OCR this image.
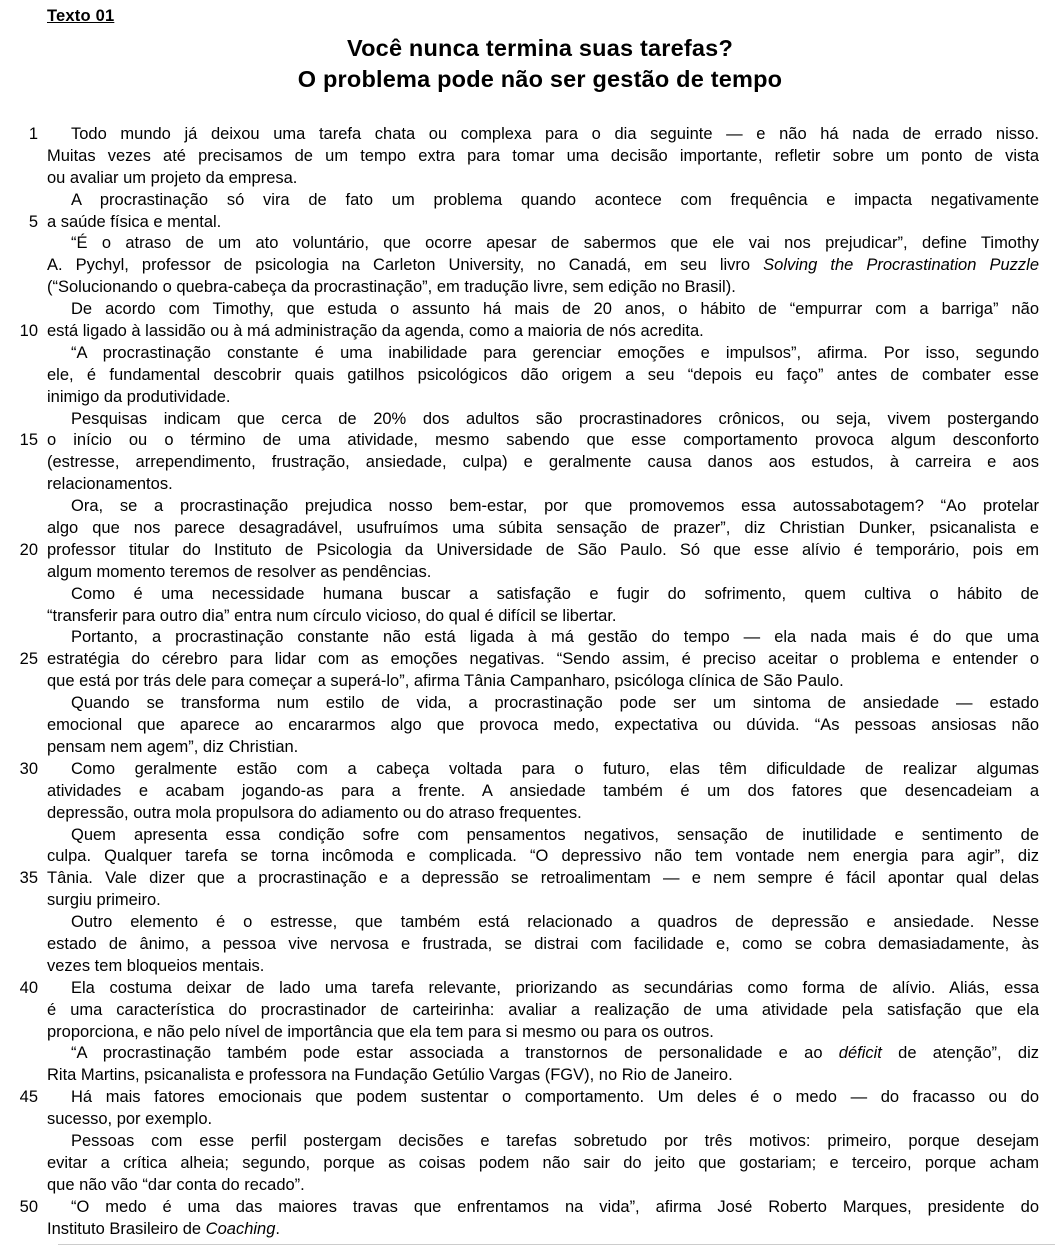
Texto 01
Você nunca termina suas tarefas?
O problema pode não ser gestão de tempo
1	Todo mundo já deixou uma tarefa chata ou complexa para o dia seguinte — e não há nada de errado nisso.
Muitas vezes até precisamos de um tempo extra para tomar uma decisão importante, refletir sobre um ponto de vista
ou avaliar um projeto da empresa.
A procrastinação só vira de fato um problema quando acontece com frequência e impacta negativamente
5 a saúde física e mental.
“É o atraso de um ato voluntário, que ocorre apesar de sabermos que ele vai nos prejudicar”, define Timothy
A. Pychyl, professor de psicologia na Carleton University, no Canadá, em seu livro Solving the Procrastination Puzzle
(“Solucionando o quebra-cabeça da procrastinação”, em tradução livre, sem edição no Brasil).
De acordo com Timothy, que estuda o assunto há mais de 20 anos, o hábito de “empurrar com a barriga” não
10 está ligado à lassidão ou à má administração da agenda, como a maioria de nós acredita.
“A procrastinação constante é uma inabilidade para gerenciar emoções e impulsos”, afirma. Por isso, segundo
ele, é fundamental descobrir quais gatilhos psicológicos dão origem a seu “depois eu faço” antes de combater esse
inimigo da produtividade.
Pesquisas indicam que cerca de 20% dos adultos são procrastinadores crônicos, ou seja, vivem postergando
15 o início ou o término de uma atividade, mesmo sabendo que esse comportamento provoca algum desconforto
(estresse, arrependimento, frustração, ansiedade, culpa) e geralmente causa danos aos estudos, à carreira e aos
relacionamentos.
Ora, se a procrastinação prejudica nosso bem-estar, por que promovemos essa autossabotagem? “Ao protelar
algo que nos parece desagradável, usufruímos uma súbita sensação de prazer”, diz Christian Dunker, psicanalista e
20 professor titular do Instituto de Psicologia da Universidade de São Paulo. Só que esse alívio é temporário, pois em
algum momento teremos de resolver as pendências.
Como é uma necessidade humana buscar a satisfação e fugir do sofrimento, quem cultiva o hábito de
“transferir para outro dia” entra num círculo vicioso, do qual é difícil se libertar.
Portanto, a procrastinação constante não está ligada à má gestão do tempo — ela nada mais é do que uma
25 estratégia do cérebro para lidar com as emoções negativas. “Sendo assim, é preciso aceitar o problema e entender o
que está por trás dele para começar a superá-lo”, afirma Tânia Campanharo, psicóloga clínica de São Paulo.
Quando se transforma num estilo de vida, a procrastinação pode ser um sintoma de ansiedade — estado
emocional que aparece ao encararmos algo que provoca medo, expectativa ou dúvida. “As pessoas ansiosas não
pensam nem agem”, diz Christian.
30	Como geralmente estão com a cabeça voltada para o futuro, elas têm dificuldade de realizar algumas
atividades e acabam jogando-as para a frente. A ansiedade também é um dos fatores que desencadeiam a
depressão, outra mola propulsora do adiamento ou do atraso frequentes.
Quem apresenta essa condição sofre com pensamentos negativos, sensação de inutilidade e sentimento de
culpa. Qualquer tarefa se torna incômoda e complicada. “O depressivo não tem vontade nem energia para agir”, diz
35 Tânia. Vale dizer que a procrastinação e a depressão se retroalimentam — e nem sempre é fácil apontar qual delas
surgiu primeiro.
Outro elemento é o estresse, que também está relacionado a quadros de depressão e ansiedade. Nesse
estado de ânimo, a pessoa vive nervosa e frustrada, se distrai com facilidade e, como se cobra demasiadamente, às
vezes tem bloqueios mentais.
40	Ela costuma deixar de lado uma tarefa relevante, priorizando as secundárias como forma de alívio. Aliás, essa
é uma característica do procrastinador de carteirinha: avaliar a realização de uma atividade pela satisfação que ela
proporciona, e não pelo nível de importância que ela tem para si mesmo ou para os outros.
“A procrastinação também pode estar associada a transtornos de personalidade e ao déficit de atenção”, diz
Rita Martins, psicanalista e professora na Fundação Getúlio Vargas (FGV), no Rio de Janeiro.
45	Há mais fatores emocionais que podem sustentar o comportamento. Um deles é o medo — do fracasso ou do
sucesso, por exemplo.
Pessoas com esse perfil postergam decisões e tarefas sobretudo por três motivos: primeiro, porque desejam
evitar a crítica alheia; segundo, porque as coisas podem não sair do jeito que gostariam; e terceiro, porque acham
que não vão “dar conta do recado”.
50	“O medo é uma das maiores travas que enfrentamos na vida”, afirma José Roberto Marques, presidente do
Instituto Brasileiro de Coaching.
